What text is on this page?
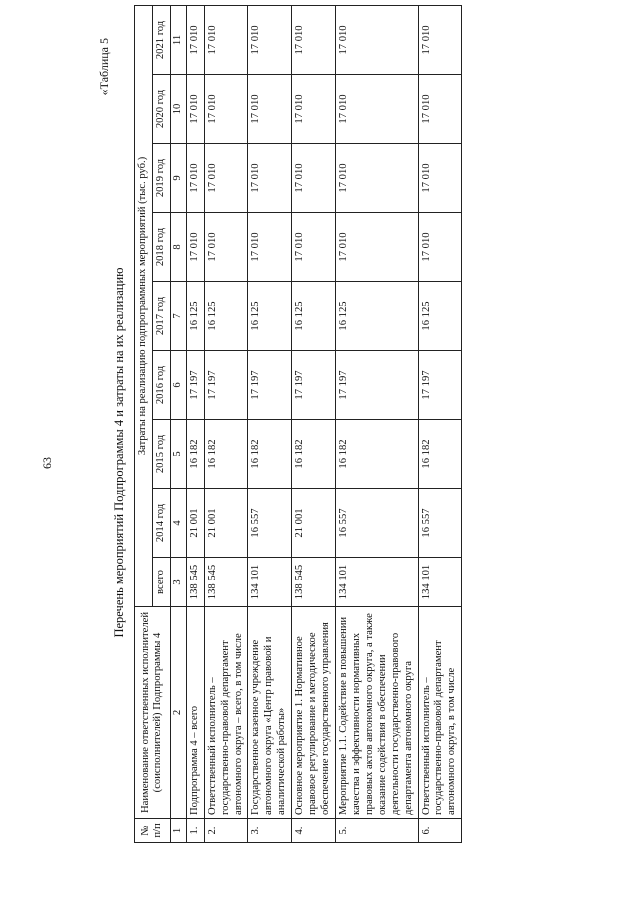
63
«Таблица 5
Перечень мероприятий Подпрограммы 4 и затраты на их реализацию
№ п/п	Наименование ответственных исполнителей (соисполнителей) Подпрограммы 4	Затраты на реализацию подпрограммных мероприятий (тыс. руб.)								
		всего	2014 год	2015 год	2016 год	2017 год	2018 год	2019 год	2020 год	2021 год
1	2	3	4	5	6	7	8	9	10	11
1.	Подпрограмма 4 – всего	138 545	21 001	16 182	17 197	16 125	17 010	17 010	17 010	17 010
2.	Ответственный исполнитель – государственно-правовой департамент автономного округа – всего, в том числе	138 545	21 001	16 182	17 197	16 125	17 010	17 010	17 010	17 010
3.	Государственное казенное учреждение автономного округа «Центр правовой и аналитической работы»	134 101	16 557	16 182	17 197	16 125	17 010	17 010	17 010	17 010
4.	Основное мероприятие 1. Нормативное правовое регулирование и методическое обеспечение государственного управления	138 545	21 001	16 182	17 197	16 125	17 010	17 010	17 010	17 010
5.	Мероприятие 1.1. Содействие в повышении качества и эффективности нормативных правовых актов автономного округа, а также оказание содействия в обеспечении деятельности государственно-правового департамента автономного округа	134 101	16 557	16 182	17 197	16 125	17 010	17 010	17 010	17 010
6.	Ответственный исполнитель – государственно-правовой департамент автономного округа, в том числе	134 101	16 557	16 182	17 197	16 125	17 010	17 010	17 010	17 010
